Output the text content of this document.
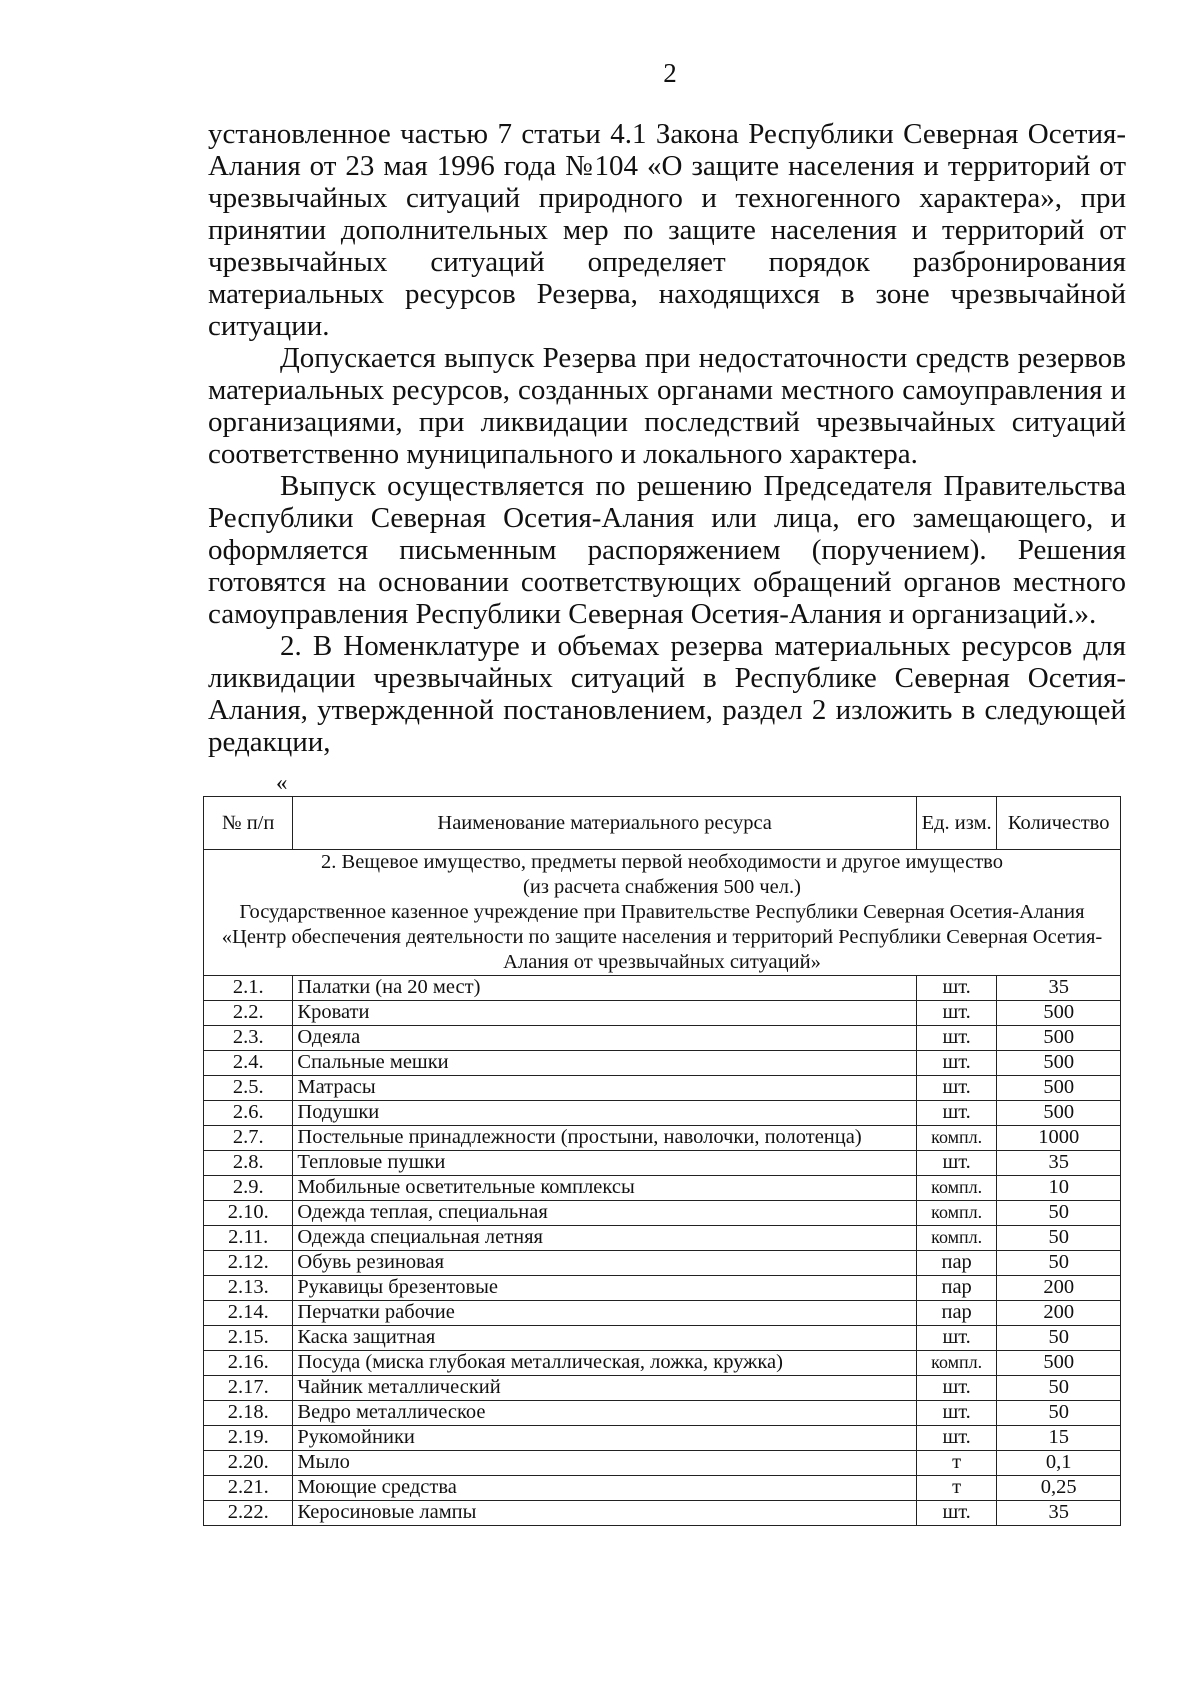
2

установленное частью 7 статьи 4.1 Закона Республики Северная Осетия-Алания от 23 мая 1996 года №104 «О защите населения и территорий от чрезвычайных ситуаций природного и техногенного характера», при принятии дополнительных мер по защите населения и территорий от чрезвычайных ситуаций определяет порядок разбронирования материальных ресурсов Резерва, находящихся в зоне чрезвычайной ситуации.

Допускается выпуск Резерва при недостаточности средств резервов материальных ресурсов, созданных органами местного самоуправления и организациями, при ликвидации последствий чрезвычайных ситуаций соответственно муниципального и локального характера.

Выпуск осуществляется по решению Председателя Правительства Республики Северная Осетия-Алания или лица, его замещающего, и оформляется письменным распоряжением (поручением). Решения готовятся на основании соответствующих обращений органов местного самоуправления Республики Северная Осетия-Алания и организаций.».

2. В Номенклатуре и объемах резерва материальных ресурсов для ликвидации чрезвычайных ситуаций в Республике Северная Осетия-Алания, утвержденной постановлением, раздел 2 изложить в следующей редакции,

«
№ п/п	Наименование материального ресурса	Ед. изм.	Количество

2. Вещевое имущество, предметы первой необходимости и другое имущество
(из расчета снабжения 500 чел.)
Государственное казенное учреждение при Правительстве Республики Северная Осетия-Алания «Центр обеспечения деятельности по защите населения и территорий Республики Северная Осетия-Алания от чрезвычайных ситуаций»			

2.1.	Палатки (на 20 мест)	шт.	35
2.2.	Кровати	шт.	500
2.3.	Одеяла	шт.	500
2.4.	Спальные мешки	шт.	500
2.5.	Матрасы	шт.	500
2.6.	Подушки	шт.	500
2.7.	Постельные принадлежности (простыни, наволочки, полотенца)	компл.	1000
2.8.	Тепловые пушки	шт.	35
2.9.	Мобильные осветительные комплексы	компл.	10
2.10.	Одежда теплая, специальная	компл.	50
2.11.	Одежда специальная летняя	компл.	50
2.12.	Обувь резиновая	пар	50
2.13.	Рукавицы брезентовые	пар	200
2.14.	Перчатки рабочие	пар	200
2.15.	Каска защитная	шт.	50
2.16.	Посуда (миска глубокая металлическая, ложка, кружка)	компл.	500
2.17.	Чайник металлический	шт.	50
2.18.	Ведро металлическое	шт.	50
2.19.	Рукомойники	шт.	15
2.20.	Мыло	т	0,1
2.21.	Моющие средства	т	0,25
2.22.	Керосиновые лампы	шт.	35
